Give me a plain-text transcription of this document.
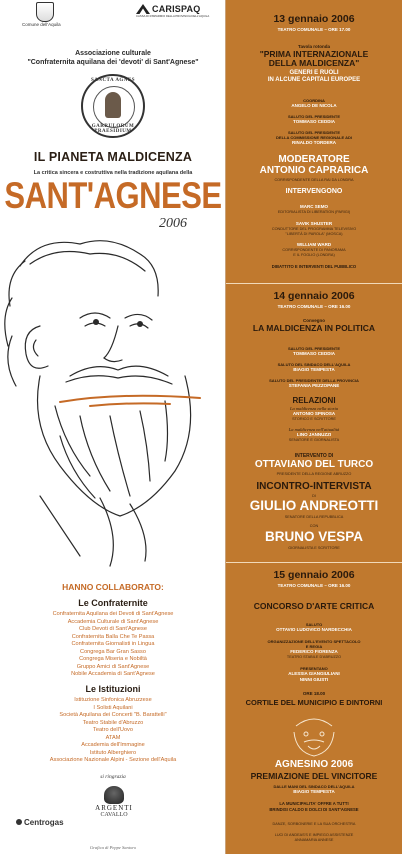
Comune dell'Aquila
CARISPAQ
CASSA DI RISPARMIO DELLA PROVINCIA DELL'AQUILA
Associazione culturale
"Confraternita aquilana dei 'devoti' di Sant'Agnese"
SANCTA AGNES
GARRULORUM PRAESIDIUM
IL PIANETA MALDICENZA
La critica sincera e costruttiva nella tradizione aquilana della
SANT'AGNESE
2006
HANNO COLLABORATO:
Le Confraternite
Confraternita Aquilana dei Devoti di Sant'Agnese
Accademia Culturale di Sant'Agnese
Club Devoti di Sant'Agnese
Confraternita Balla Che Te Passa
Confraternita Giornalisti in Lingua
Congrega Bar Gran Sasso
Congrega Miseria e Nobiltà
Gruppo Amici di Sant'Agnese
Nobile Accademia di Sant'Agnese
Le Istituzioni
Istituzione Sinfonica Abruzzese
I Solisti Aquilani
Società Aquilana dei Concerti "B. Barattelli"
Teatro Stabile d'Abruzzo
Teatro dell'Uovo
ATAM
Accademia dell'Immagine
Istituto Alberghiero
Associazione Nazionale Alpini - Sezione dell'Aquila
si ringrazia
ARGENTI
CAVALLO
Centrogas
Grafica di Peppe Santoro
13 gennaio 2006
TEATRO COMUNALE – ORE 17.00
Tavola rotonda
"PRIMA INTERNAZIONALE
DELLA MALDICENZA"
GENERI E RUOLI
IN ALCUNE CAPITALI EUROPEE
COORDINA
ANGELO DE NICOLA
SALUTO DEL PRESIDENTE
TOMMASO CEDDIA
SALUTO DEL PRESIDENTE
DELLA COMMISSIONE REGIONALE ADI
RINALDO TORDERA
MODERATORE
ANTONIO CAPRARICA
CORRISPONDENTE DELLA RAI DA LONDRA
INTERVENGONO
MARC SEMO
EDITORIALISTA DI LIBERATION (PARIGI)
SAVIK SHUSTER
CONDUTTORE DEL PROGRAMMA TELEVISIVO
"LIBERTÀ DI PAROLA" (MOSCA)
WILLIAM WARD
CORRISPONDENTE DI PANORAMA
E IL FOGLIO (LONDRA)
DIBATTITO E INTERVENTI DEL PUBBLICO
14 gennaio 2006
TEATRO COMUNALE – ORE 16.00
Convegno
LA MALDICENZA IN POLITICA
SALUTO DEL PRESIDENTE
TOMMASO CEDDIA
SALUTO DEL SINDACO DELL'AQUILA
BIAGIO TEMPESTA
SALUTO DEL PRESIDENTE DELLA PROVINCIA
STEFANIA PEZZOPANE
RELAZIONI
La maldicenza nella storia
ANTONIO SPINOSA
STORICO E SCRITTORE
La maldicenza nell'attualità
LINO JANNUZZI
SENATORE E GIORNALISTA
INTERVENTO DI
OTTAVIANO DEL TURCO
PRESIDENTE DELLA REGIONE ABRUZZO
INCONTRO-INTERVISTA
DI
GIULIO ANDREOTTI
SENATORE DELLA REPUBBLICA
CON
BRUNO VESPA
GIORNALISTA E SCRITTORE
15 gennaio 2006
TEATRO COMUNALE – ORE 16.00
CONCORSO D'ARTE CRITICA
SALUTO
OTTAVIO LUDOVICO NARDECCHIA
ORGANIZZAZIONE DELL'EVENTO SPETTACOLO
E REGIA
FEDERICO FIORENZA
TEATRO STABILE D'ABRUZZO
PRESENTANO
ALESSIA GIANGIULIANI
NINNI GIUSTI
ORE 18.00
CORTILE DEL MUNICIPIO E DINTORNI
AGNESINO 2006
PREMIAZIONE DEL VINCITORE
DALLE MANI DEL SINDACO DELL'AQUILA
BIAGIO TEMPESTA
LA MUNICIPALITA' OFFRE A TUTTI
BRINDISI CALDO E DOLCI DI SANT'AGNESE
DANZE, SORBONERIE E LA SUA ORCHESTRA
LUCI DI ANDEAS'S E IMPIEGO ASSISTENZE
ANNAMARIA ANNESE
